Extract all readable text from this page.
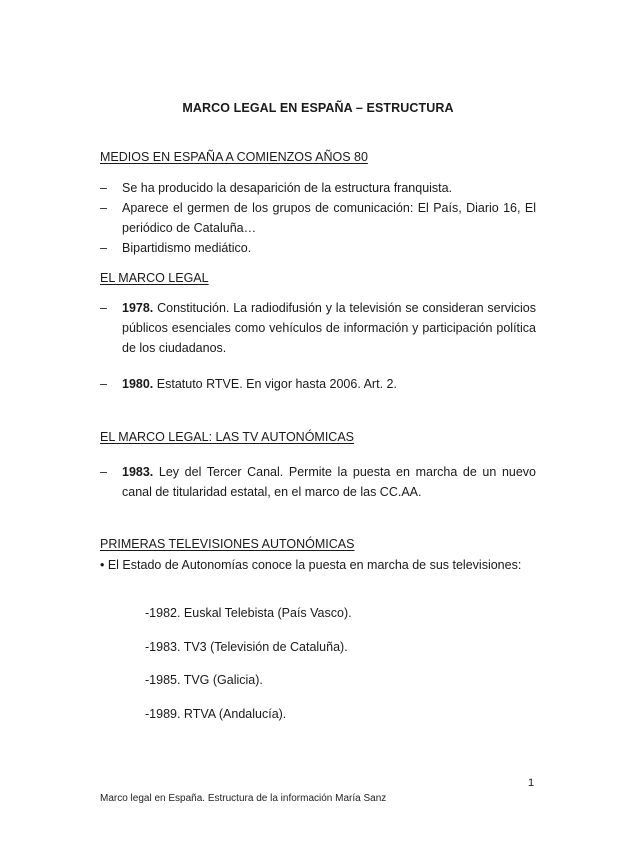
MARCO LEGAL EN ESPAÑA – ESTRUCTURA
MEDIOS EN ESPAÑA A COMIENZOS AÑOS 80
– Se ha producido la desaparición de la estructura franquista.
– Aparece el germen de los grupos de comunicación: El País, Diario 16, El periódico de Cataluña…
– Bipartidismo mediático.
EL MARCO LEGAL
– 1978. Constitución. La radiodifusión y la televisión se consideran servicios públicos esenciales como vehículos de información y participación política de los ciudadanos.
– 1980. Estatuto RTVE. En vigor hasta 2006. Art. 2.
EL MARCO LEGAL: LAS TV AUTONÓMICAS
– 1983. Ley del Tercer Canal. Permite la puesta en marcha de un nuevo canal de titularidad estatal, en el marco de las CC.AA.
PRIMERAS TELEVISIONES AUTONÓMICAS
• El Estado de Autonomías conoce la puesta en marcha de sus televisiones:
-1982. Euskal Telebista (País Vasco).
-1983. TV3 (Televisión de Cataluña).
-1985. TVG (Galicia).
-1989. RTVA (Andalucía).
1
Marco legal en España. Estructura de la información María Sanz
